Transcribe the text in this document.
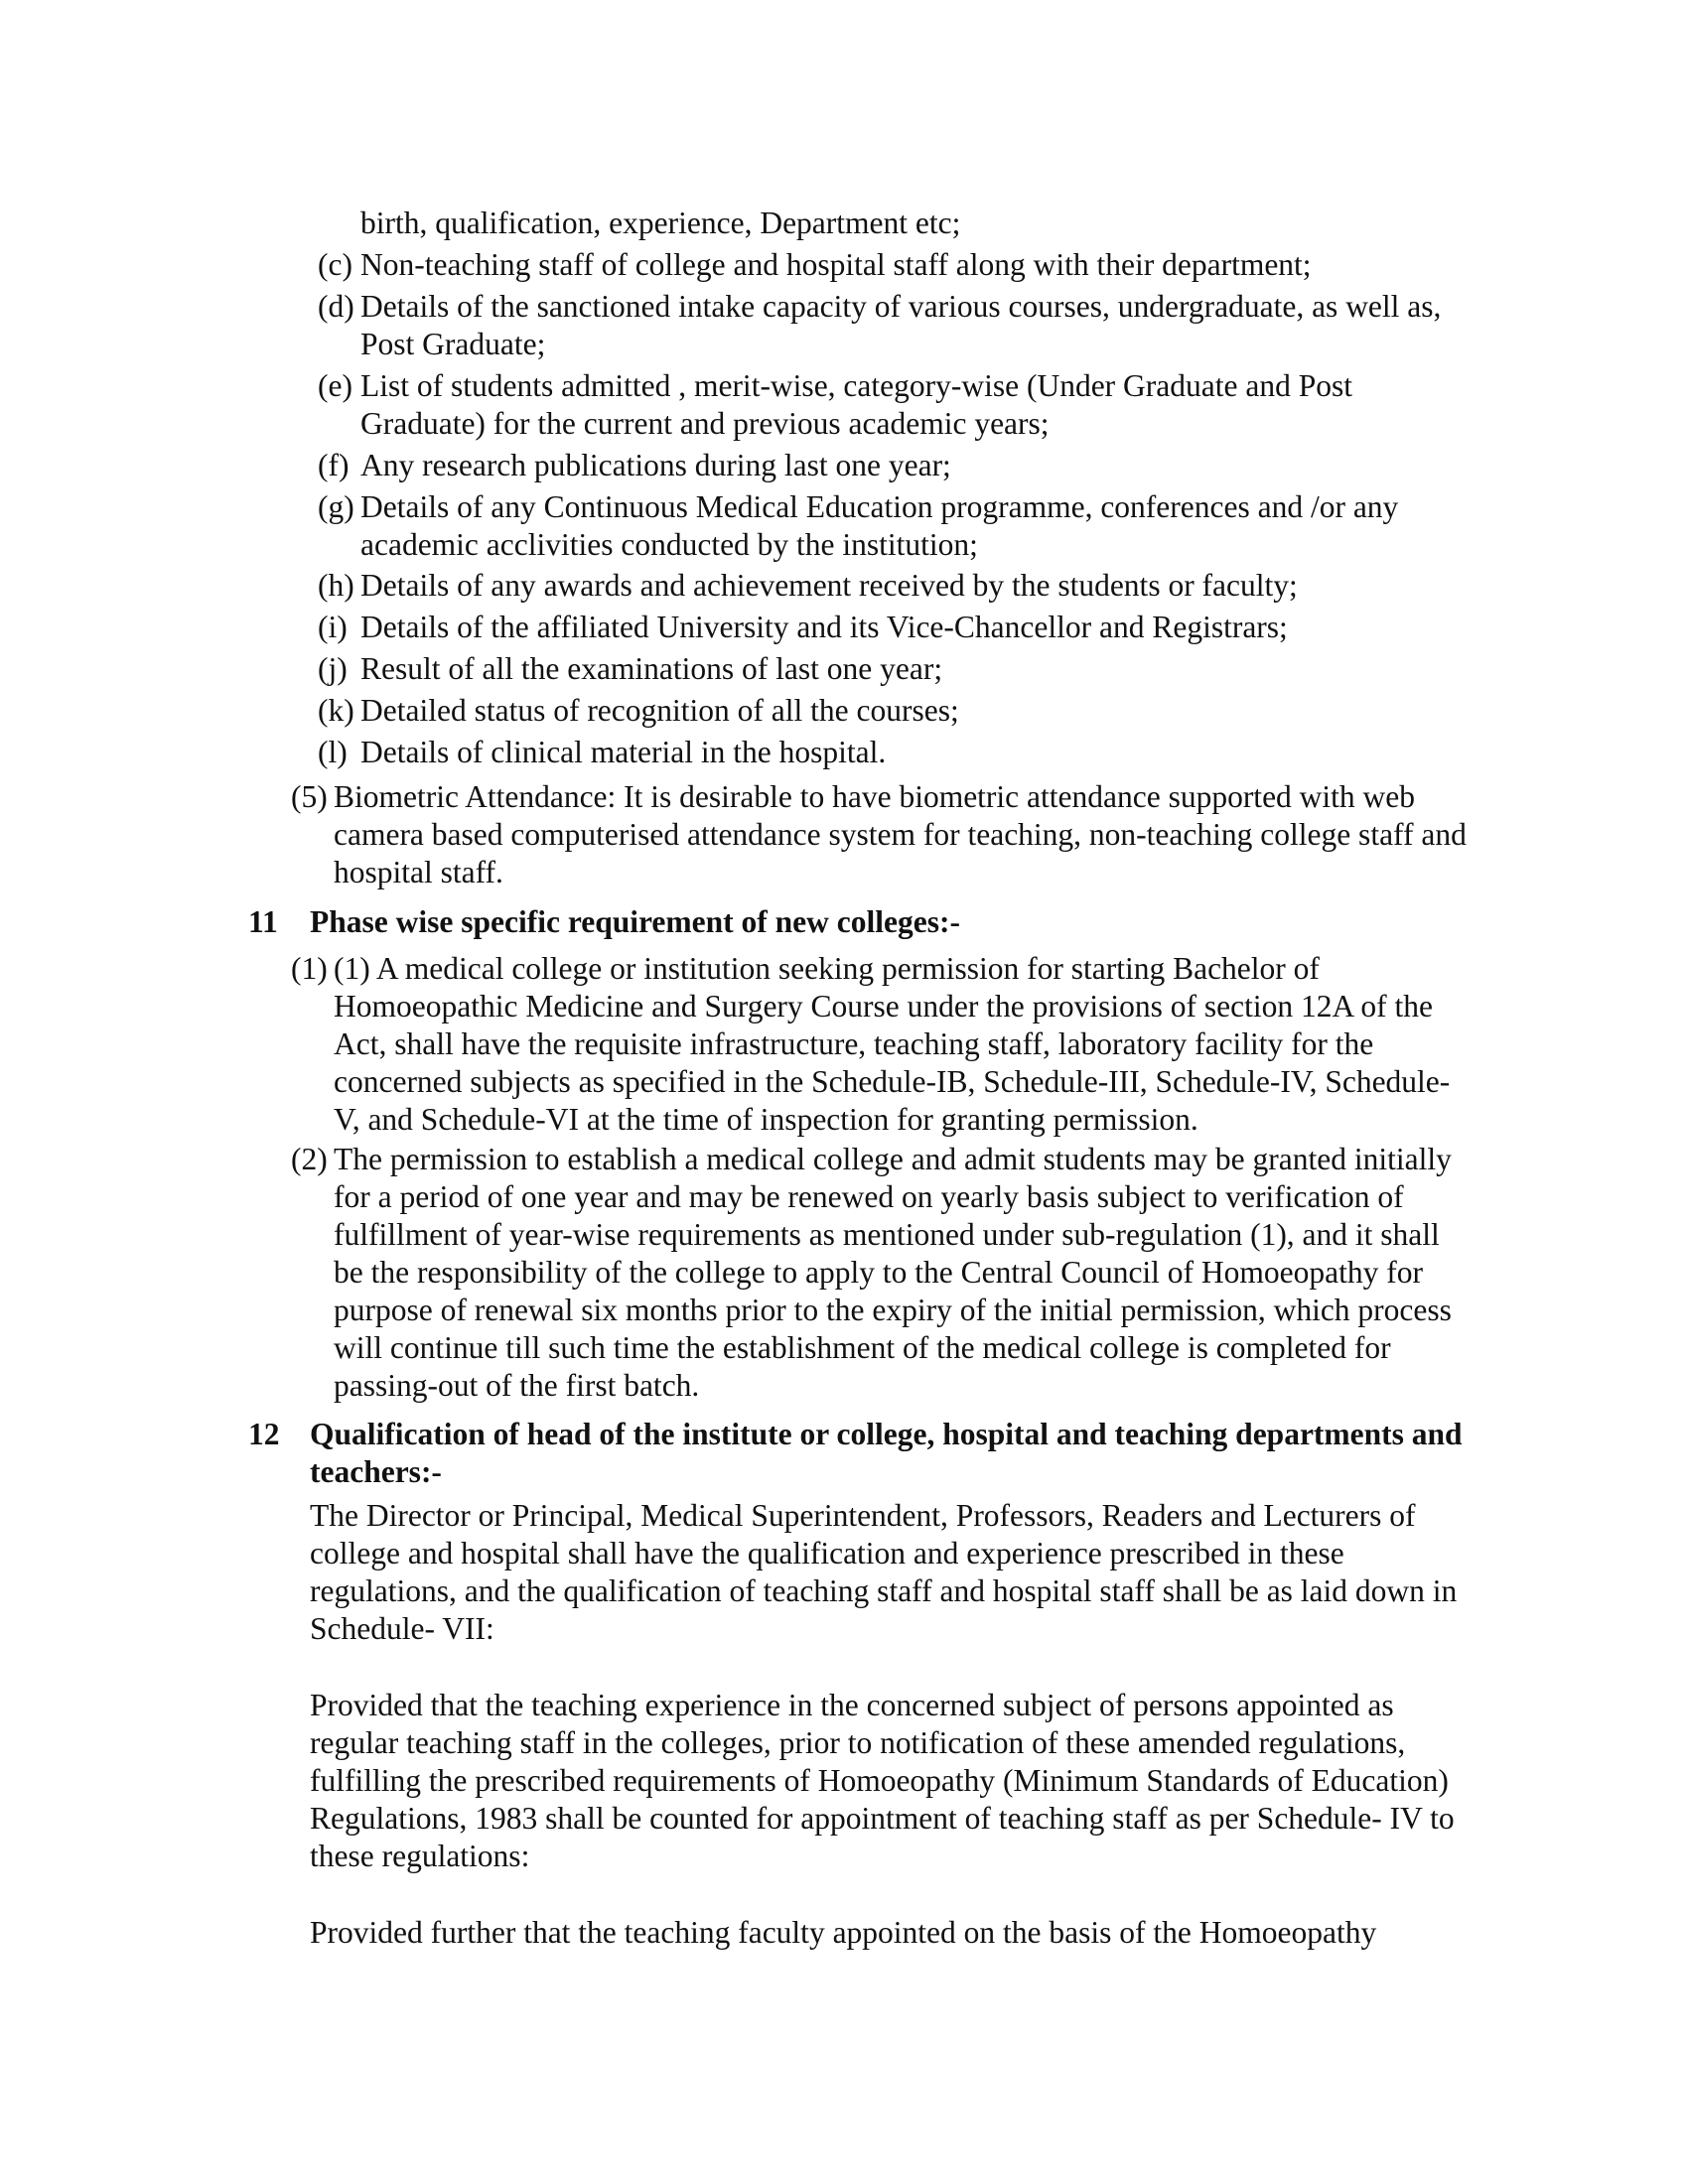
birth, qualification, experience, Department etc;
(c) Non-teaching staff of college and hospital staff along with their department;
(d) Details of the sanctioned intake capacity of various courses, undergraduate, as well as, Post Graduate;
(e) List of students admitted , merit-wise, category-wise (Under Graduate and Post Graduate) for the current and previous academic years;
(f) Any research publications during last one year;
(g) Details of any Continuous Medical Education programme, conferences and /or any academic acclivities conducted by the institution;
(h) Details of any awards and achievement received by the students or faculty;
(i) Details of the affiliated University and its Vice-Chancellor and Registrars;
(j) Result of all the examinations of last one year;
(k) Detailed status of recognition of all the courses;
(l) Details of clinical material in the hospital.
(5) Biometric Attendance: It is desirable to have biometric attendance supported with web camera based computerised attendance system for teaching, non-teaching college staff and hospital staff.
11 Phase wise specific requirement of new colleges:-
(1) (1) A medical college or institution seeking permission for starting Bachelor of Homoeopathic Medicine and Surgery Course under the provisions of section 12A of the Act, shall have the requisite infrastructure, teaching staff, laboratory facility for the concerned subjects as specified in the Schedule-IB, Schedule-III, Schedule-IV, Schedule-V, and Schedule-VI at the time of inspection for granting permission.
(2) The permission to establish a medical college and admit students may be granted initially for a period of one year and may be renewed on yearly basis subject to verification of fulfillment of year-wise requirements as mentioned under sub-regulation (1), and it shall be the responsibility of the college to apply to the Central Council of Homoeopathy for purpose of renewal six months prior to the expiry of the initial permission, which process will continue till such time the establishment of the medical college is completed for passing-out of the first batch.
12 Qualification of head of the institute or college, hospital and teaching departments and teachers:-

The Director or Principal, Medical Superintendent, Professors, Readers and Lecturers of college and hospital shall have the qualification and experience prescribed in these regulations, and the qualification of teaching staff and hospital staff shall be as laid down in Schedule- VII:

Provided that the teaching experience in the concerned subject of persons appointed as regular teaching staff in the colleges, prior to notification of these amended regulations, fulfilling the prescribed requirements of Homoeopathy (Minimum Standards of Education) Regulations, 1983 shall be counted for appointment of teaching staff as per Schedule- IV to these regulations:

Provided further that the teaching faculty appointed on the basis of the Homoeopathy
